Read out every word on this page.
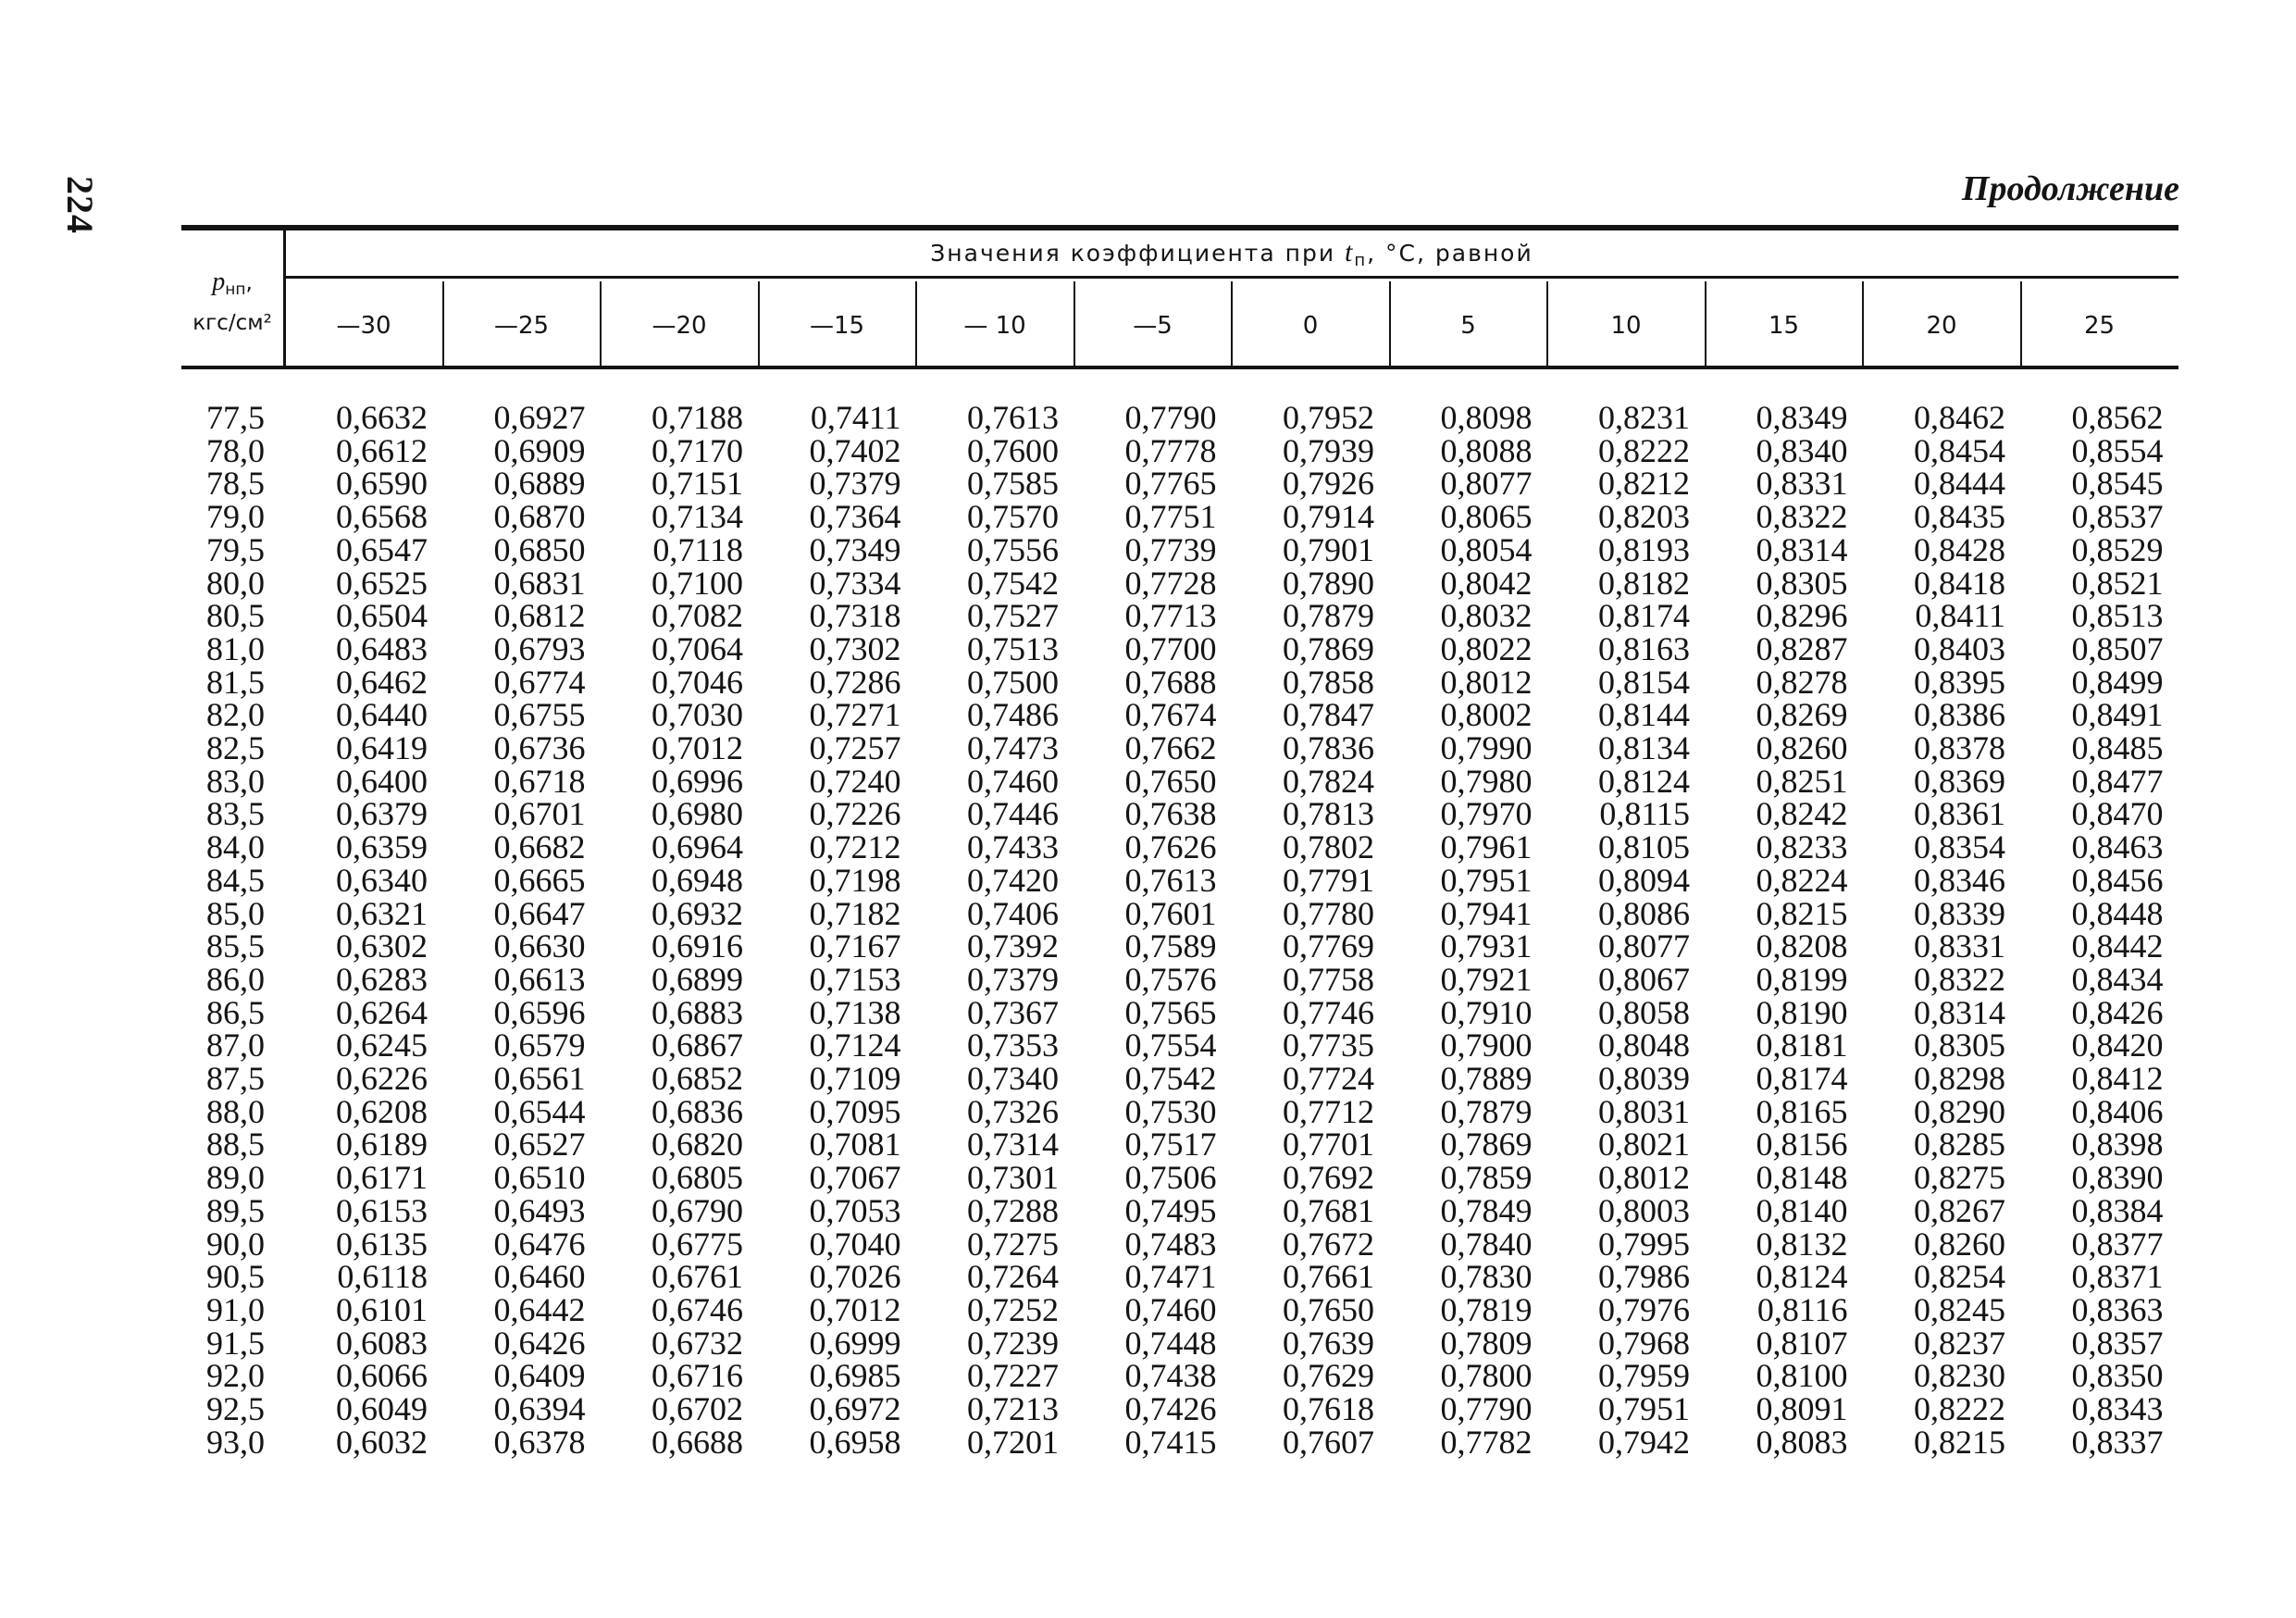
224	Продолжение
$p_{нп}$,
кгс/см²
Значения коэффициента при $t_п$, °С, равной
—30	—25	—20	—15	— 10	—5	0	5	10	15	20	25
77,5	0,6632	0,6927	0,7188	0,7411	0,7613	0,7790	0,7952	0,8098	0,8231	0,8349	0,8462	0,8562
78,0	0,6612	0,6909	0,7170	0,7402	0,7600	0,7778	0,7939	0,8088	0,8222	0,8340	0,8454	0,8554
78,5	0,6590	0,6889	0,7151	0,7379	0,7585	0,7765	0,7926	0,8077	0,8212	0,8331	0,8444	0,8545
79,0	0,6568	0,6870	0,7134	0,7364	0,7570	0,7751	0,7914	0,8065	0,8203	0,8322	0,8435	0,8537
79,5	0,6547	0,6850	0,7118	0,7349	0,7556	0,7739	0,7901	0,8054	0,8193	0,8314	0,8428	0,8529
80,0	0,6525	0,6831	0,7100	0,7334	0,7542	0,7728	0,7890	0,8042	0,8182	0,8305	0,8418	0,8521
80,5	0,6504	0,6812	0,7082	0,7318	0,7527	0,7713	0,7879	0,8032	0,8174	0,8296	0,8411	0,8513
81,0	0,6483	0,6793	0,7064	0,7302	0,7513	0,7700	0,7869	0,8022	0,8163	0,8287	0,8403	0,8507
81,5	0,6462	0,6774	0,7046	0,7286	0,7500	0,7688	0,7858	0,8012	0,8154	0,8278	0,8395	0,8499
82,0	0,6440	0,6755	0,7030	0,7271	0,7486	0,7674	0,7847	0,8002	0,8144	0,8269	0,8386	0,8491
82,5	0,6419	0,6736	0,7012	0,7257	0,7473	0,7662	0,7836	0,7990	0,8134	0,8260	0,8378	0,8485
83,0	0,6400	0,6718	0,6996	0,7240	0,7460	0,7650	0,7824	0,7980	0,8124	0,8251	0,8369	0,8477
83,5	0,6379	0,6701	0,6980	0,7226	0,7446	0,7638	0,7813	0,7970	0,8115	0,8242	0,8361	0,8470
84,0	0,6359	0,6682	0,6964	0,7212	0,7433	0,7626	0,7802	0,7961	0,8105	0,8233	0,8354	0,8463
84,5	0,6340	0,6665	0,6948	0,7198	0,7420	0,7613	0,7791	0,7951	0,8094	0,8224	0,8346	0,8456
85,0	0,6321	0,6647	0,6932	0,7182	0,7406	0,7601	0,7780	0,7941	0,8086	0,8215	0,8339	0,8448
85,5	0,6302	0,6630	0,6916	0,7167	0,7392	0,7589	0,7769	0,7931	0,8077	0,8208	0,8331	0,8442
86,0	0,6283	0,6613	0,6899	0,7153	0,7379	0,7576	0,7758	0,7921	0,8067	0,8199	0,8322	0,8434
86,5	0,6264	0,6596	0,6883	0,7138	0,7367	0,7565	0,7746	0,7910	0,8058	0,8190	0,8314	0,8426
87,0	0,6245	0,6579	0,6867	0,7124	0,7353	0,7554	0,7735	0,7900	0,8048	0,8181	0,8305	0,8420
87,5	0,6226	0,6561	0,6852	0,7109	0,7340	0,7542	0,7724	0,7889	0,8039	0,8174	0,8298	0,8412
88,0	0,6208	0,6544	0,6836	0,7095	0,7326	0,7530	0,7712	0,7879	0,8031	0,8165	0,8290	0,8406
88,5	0,6189	0,6527	0,6820	0,7081	0,7314	0,7517	0,7701	0,7869	0,8021	0,8156	0,8285	0,8398
89,0	0,6171	0,6510	0,6805	0,7067	0,7301	0,7506	0,7692	0,7859	0,8012	0,8148	0,8275	0,8390
89,5	0,6153	0,6493	0,6790	0,7053	0,7288	0,7495	0,7681	0,7849	0,8003	0,8140	0,8267	0,8384
90,0	0,6135	0,6476	0,6775	0,7040	0,7275	0,7483	0,7672	0,7840	0,7995	0,8132	0,8260	0,8377
90,5	0,6118	0,6460	0,6761	0,7026	0,7264	0,7471	0,7661	0,7830	0,7986	0,8124	0,8254	0,8371
91,0	0,6101	0,6442	0,6746	0,7012	0,7252	0,7460	0,7650	0,7819	0,7976	0,8116	0,8245	0,8363
91,5	0,6083	0,6426	0,6732	0,6999	0,7239	0,7448	0,7639	0,7809	0,7968	0,8107	0,8237	0,8357
92,0	0,6066	0,6409	0,6716	0,6985	0,7227	0,7438	0,7629	0,7800	0,7959	0,8100	0,8230	0,8350
92,5	0,6049	0,6394	0,6702	0,6972	0,7213	0,7426	0,7618	0,7790	0,7951	0,8091	0,8222	0,8343
93,0	0,6032	0,6378	0,6688	0,6958	0,7201	0,7415	0,7607	0,7782	0,7942	0,8083	0,8215	0,8337
